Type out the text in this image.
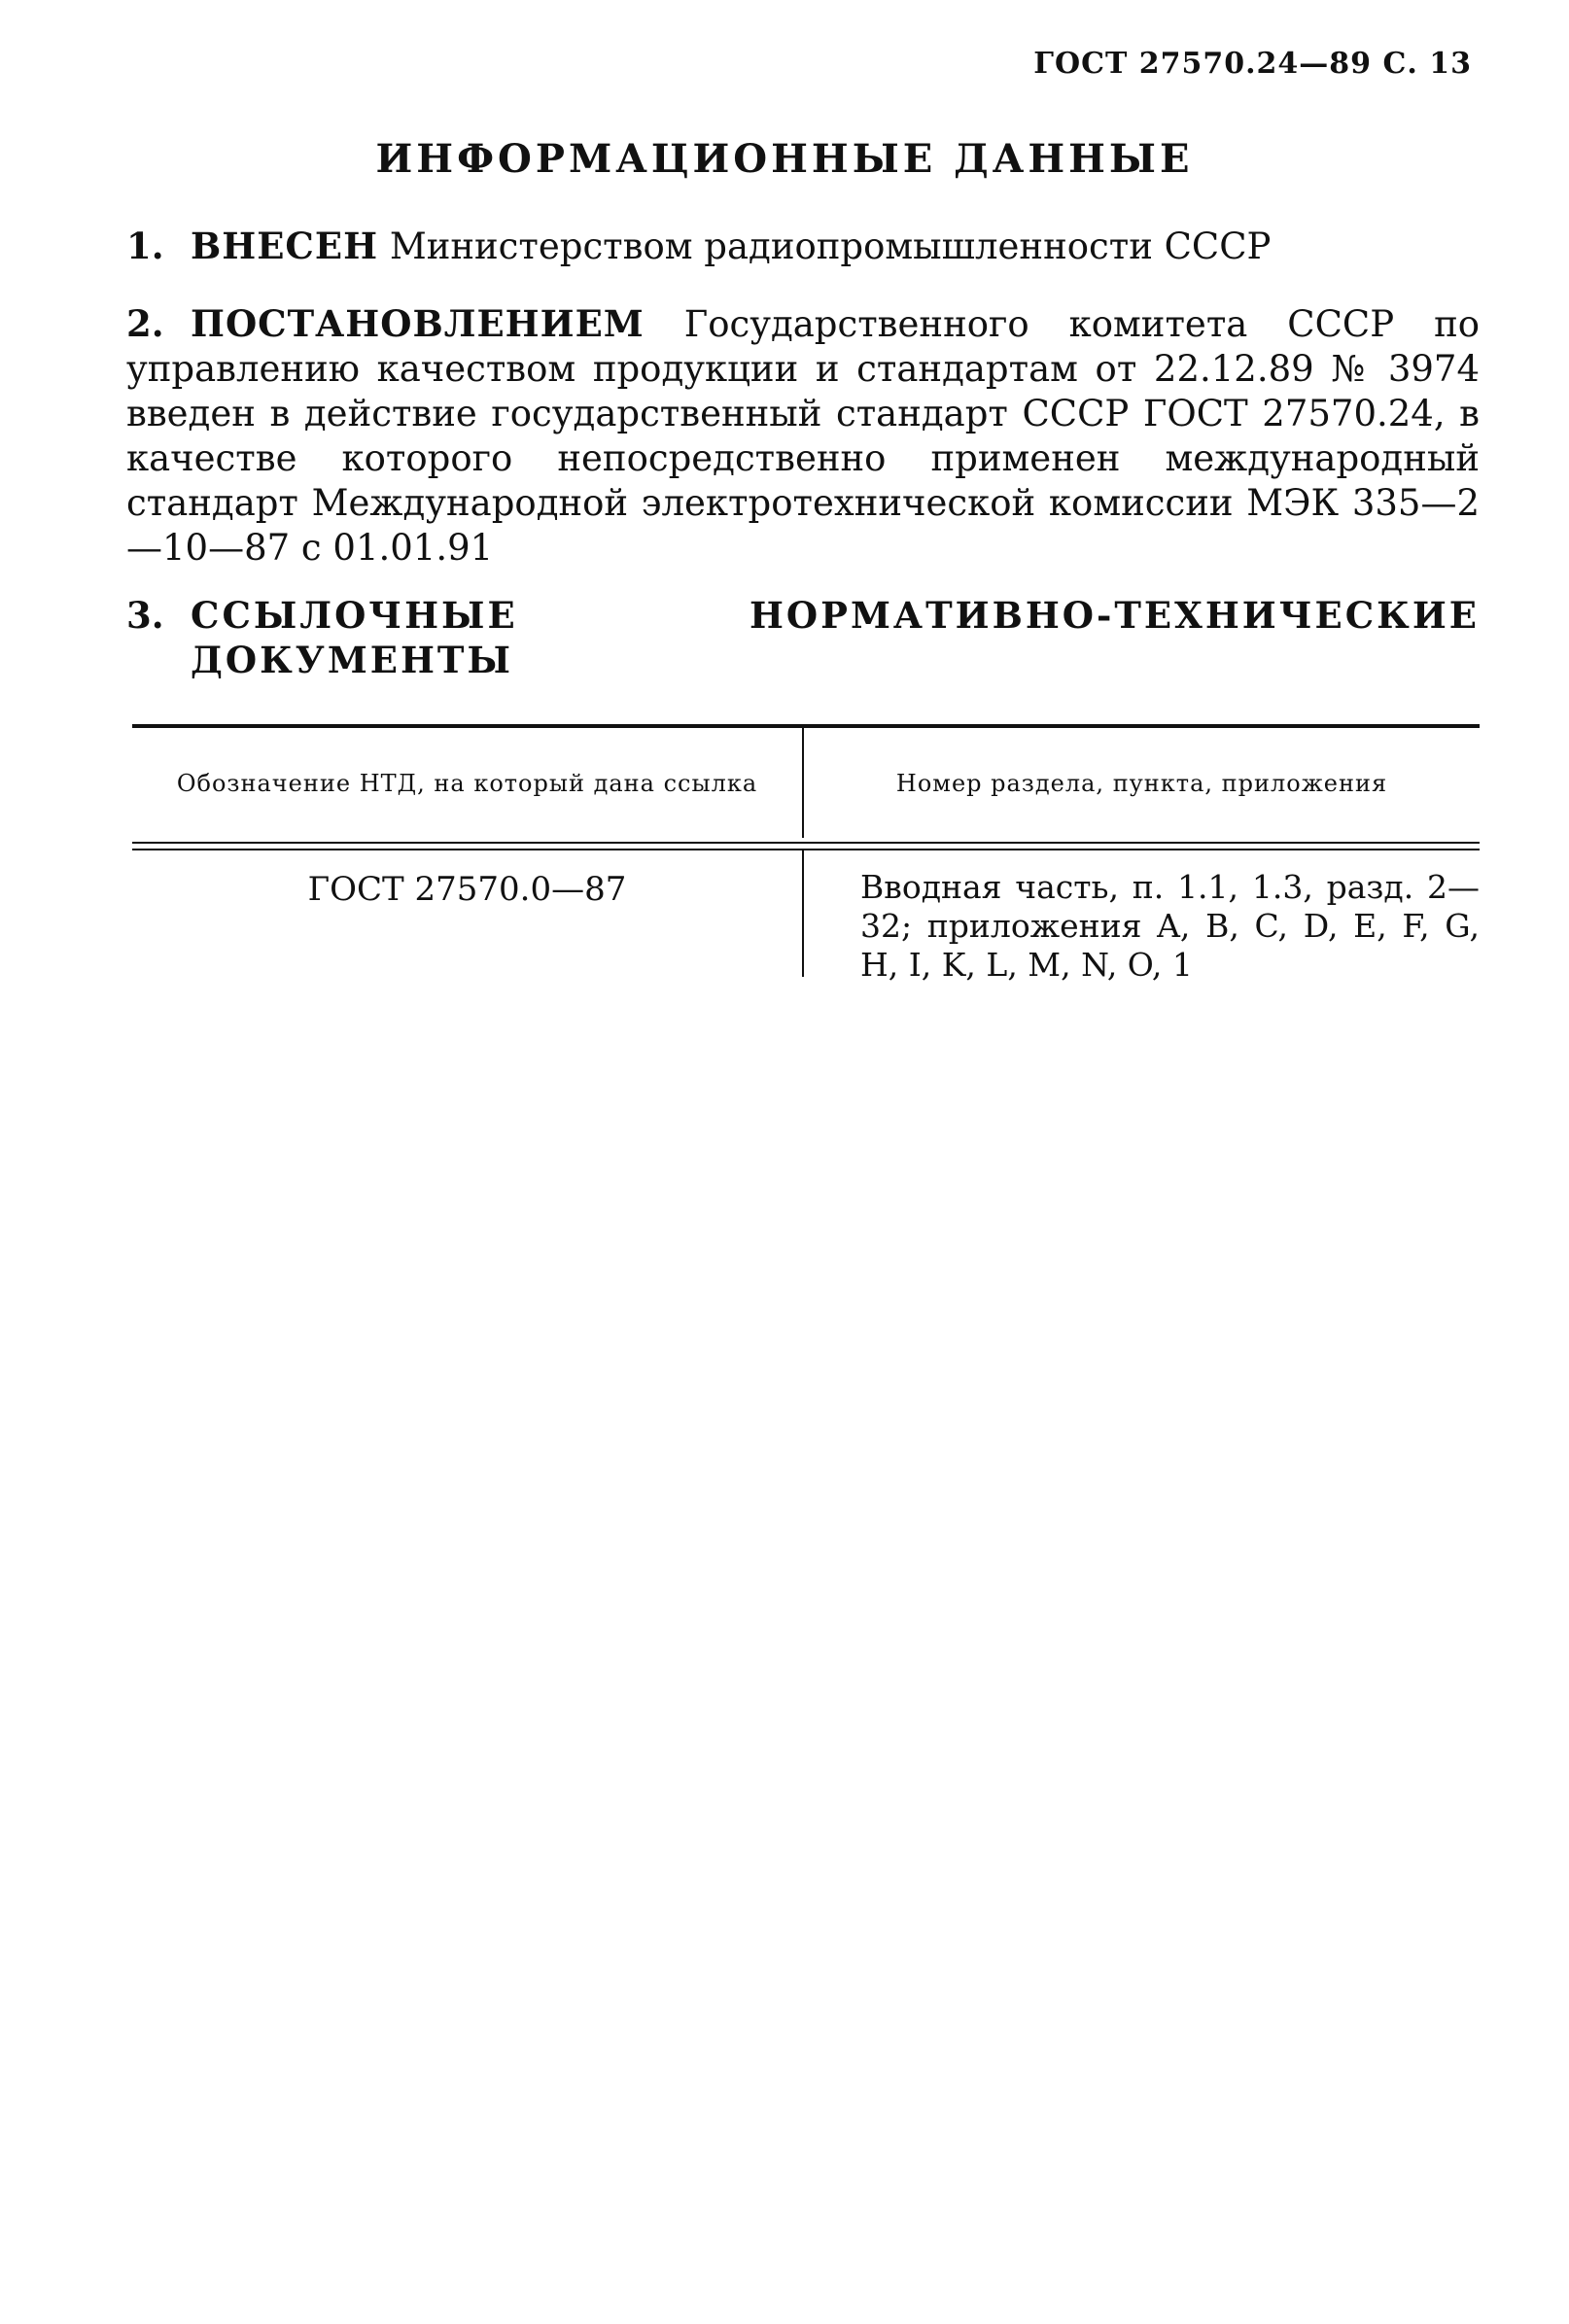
ГОСТ 27570.24—89 С. 13
ИНФОРМАЦИОННЫЕ ДАННЫЕ
1. ВНЕСЕН Министерством радиопромышленности СССР
2. ПОСТАНОВЛЕНИЕМ Государственного комитета СССР по управлению качеством продукции и стандартам от 22.12.89 № 3974 введен в действие государственный стандарт СССР ГОСТ 27570.24, в качестве которого непосредственно применен международный стандарт Международной электротехнической комиссии МЭК 335—2—10—87 с 01.01.91
3. ССЫЛОЧНЫЕ НОРМАТИВНО-ТЕХНИЧЕСКИЕ ДОКУМЕНТЫ
Обозначение НТД, на который дана ссылка	Номер раздела, пункта, приложения
ГОСТ 27570.0—87	Вводная часть, п. 1.1, 1.3, разд. 2—32; приложения A, B, C, D, E, F, G, H, I, K, L, M, N, O, 1
